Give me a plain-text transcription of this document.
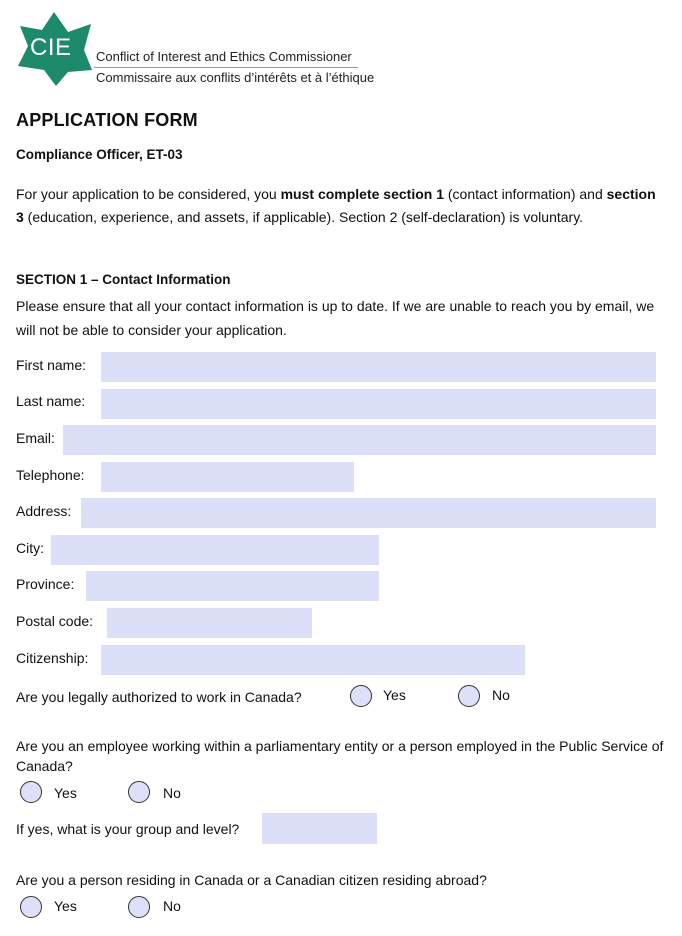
CIE Conflict of Interest and Ethics Commissioner
Commissaire aux conflits d’intérêts et à l’éthique
APPLICATION FORM
Compliance Officer, ET-03
For your application to be considered, you must complete section 1 (contact information) and section 3 (education, experience, and assets, if applicable). Section 2 (self-declaration) is voluntary.
SECTION 1 – Contact Information
Please ensure that all your contact information is up to date. If we are unable to reach you by email, we will not be able to consider your application.
First name:
Last name:
Email:
Telephone:
Address:
City:
Province:
Postal code:
Citizenship:
Are you legally authorized to work in Canada?	Yes	No
Are you an employee working within a parliamentary entity or a person employed in the Public Service of Canada?
Yes	No
If yes, what is your group and level?
Are you a person residing in Canada or a Canadian citizen residing abroad?
Yes	No
